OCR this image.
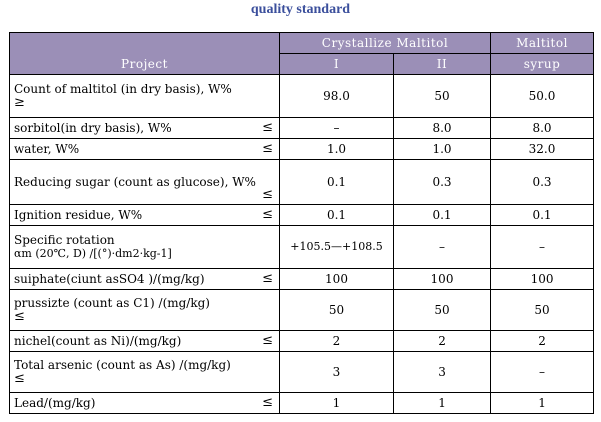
quality standard
Project	Crystallize Maltitol		Maltitol
	I	II	syrup

Count of maltitol (in dry basis), W%
≥	98.0	50	50.0

sorbitol(in dry basis), W% ≤	–	8.0	8.0

water, W% ≤	1.0	1.0	32.0

Reducing sugar (count as glucose), W%
≤	0.1	0.3	0.3

Ignition residue, W% ≤	0.1	0.1	0.1

Specific rotation
αm (20℃, D) /[(°)·dm2·kg-1]	+105.5—+108.5	–	–

suiphate(ciunt asSO4 )/(mg/kg) ≤	100	100	100

prussizte (count as C1) /(mg/kg)
≤	50	50	50

nichel(count as Ni)/(mg/kg) ≤	2	2	2

Total arsenic (count as As) /(mg/kg)
≤	3	3	–

Lead/(mg/kg) ≤	1	1	1
